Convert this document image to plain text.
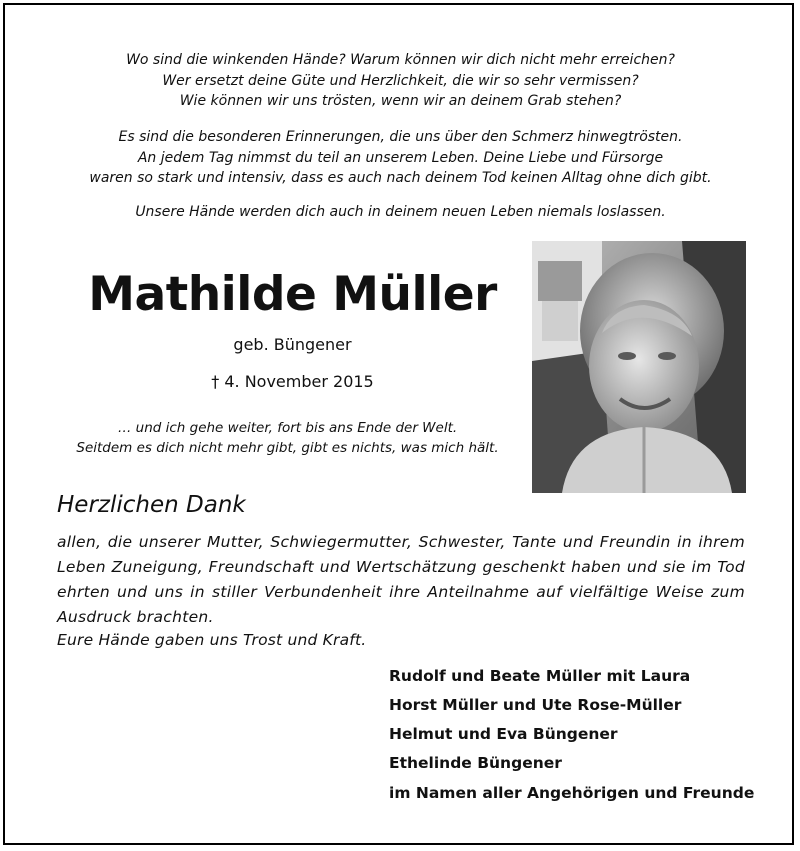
Wo sind die winkenden Hände? Warum können wir dich nicht mehr erreichen?
Wer ersetzt deine Güte und Herzlichkeit, die wir so sehr vermissen?
Wie können wir uns trösten, wenn wir an deinem Grab stehen?
Es sind die besonderen Erinnerungen, die uns über den Schmerz hinwegtrösten.
An jedem Tag nimmst du teil an unserem Leben. Deine Liebe und Fürsorge
waren so stark und intensiv, dass es auch nach deinem Tod keinen Alltag ohne dich gibt.
Unsere Hände werden dich auch in deinem neuen Leben niemals loslassen.
Mathilde Müller
geb. Büngener
† 4. November 2015
… und ich gehe weiter, fort bis ans Ende der Welt.
Seitdem es dich nicht mehr gibt, gibt es nichts, was mich hält.
Herzlichen Dank
allen, die unserer Mutter, Schwiegermutter, Schwester, Tante und Freundin in ihrem Leben Zuneigung, Freundschaft und Wertschätzung geschenkt haben und sie im Tod ehrten und uns in stiller Verbundenheit ihre Anteilnahme auf vielfältige Weise zum Ausdruck brachten.
Eure Hände gaben uns Trost und Kraft.
Rudolf und Beate Müller mit Laura
Horst Müller und Ute Rose-Müller
Helmut und Eva Büngener
Ethelinde Büngener
im Namen aller Angehörigen und Freunde
